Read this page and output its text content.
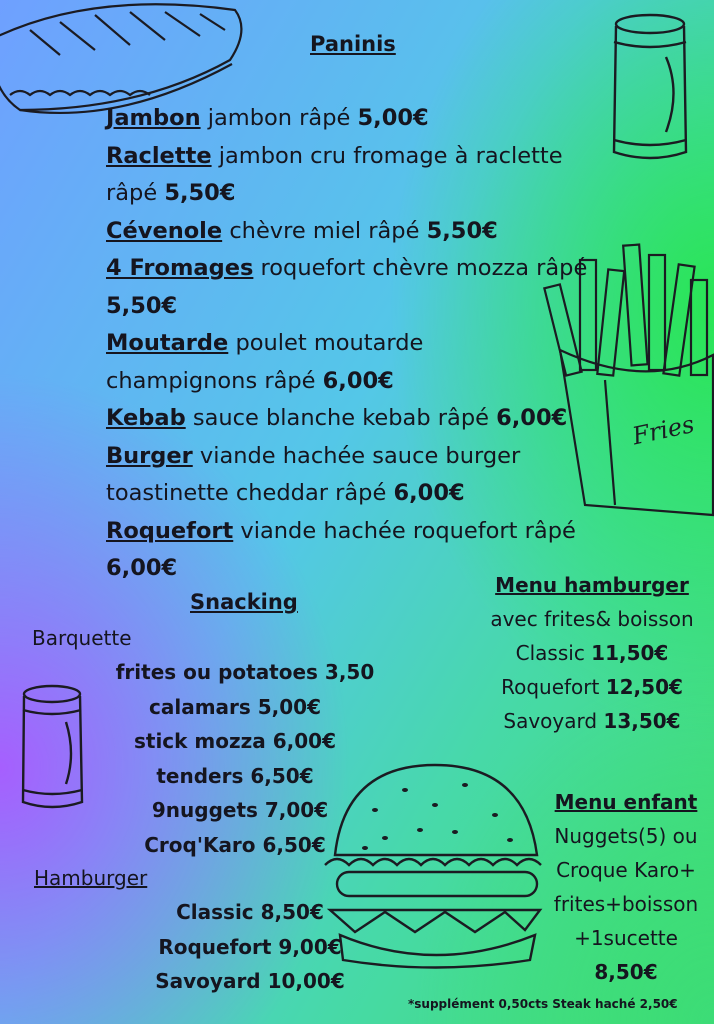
Fries
Paninis
Jambon jambon râpé 5,00€
Raclette jambon cru fromage à raclette râpé 5,50€
Cévenole chèvre miel râpé 5,50€
4 Fromages roquefort chèvre mozza râpé 5,50€
Moutarde poulet moutarde champignons râpé 6,00€
Kebab sauce blanche kebab râpé 6,00€
Burger viande hachée sauce burger toastinette cheddar râpé 6,00€
Roquefort viande hachée roquefort râpé 6,00€
Snacking
Barquette
frites ou potatoes 3,50
calamars 5,00€
stick mozza 6,00€
tenders 6,50€
9nuggets 7,00€
Croq'Karo 6,50€
Hamburger
Classic 8,50€
Roquefort 9,00€
Savoyard 10,00€
Menu hamburger
avec frites& boisson
Classic 11,50€
Roquefort 12,50€
Savoyard 13,50€
Menu enfant
Nuggets(5) ou
Croque Karo+
frites+boisson
+1sucette
8,50€
*supplément 0,50cts Steak haché 2,50€
